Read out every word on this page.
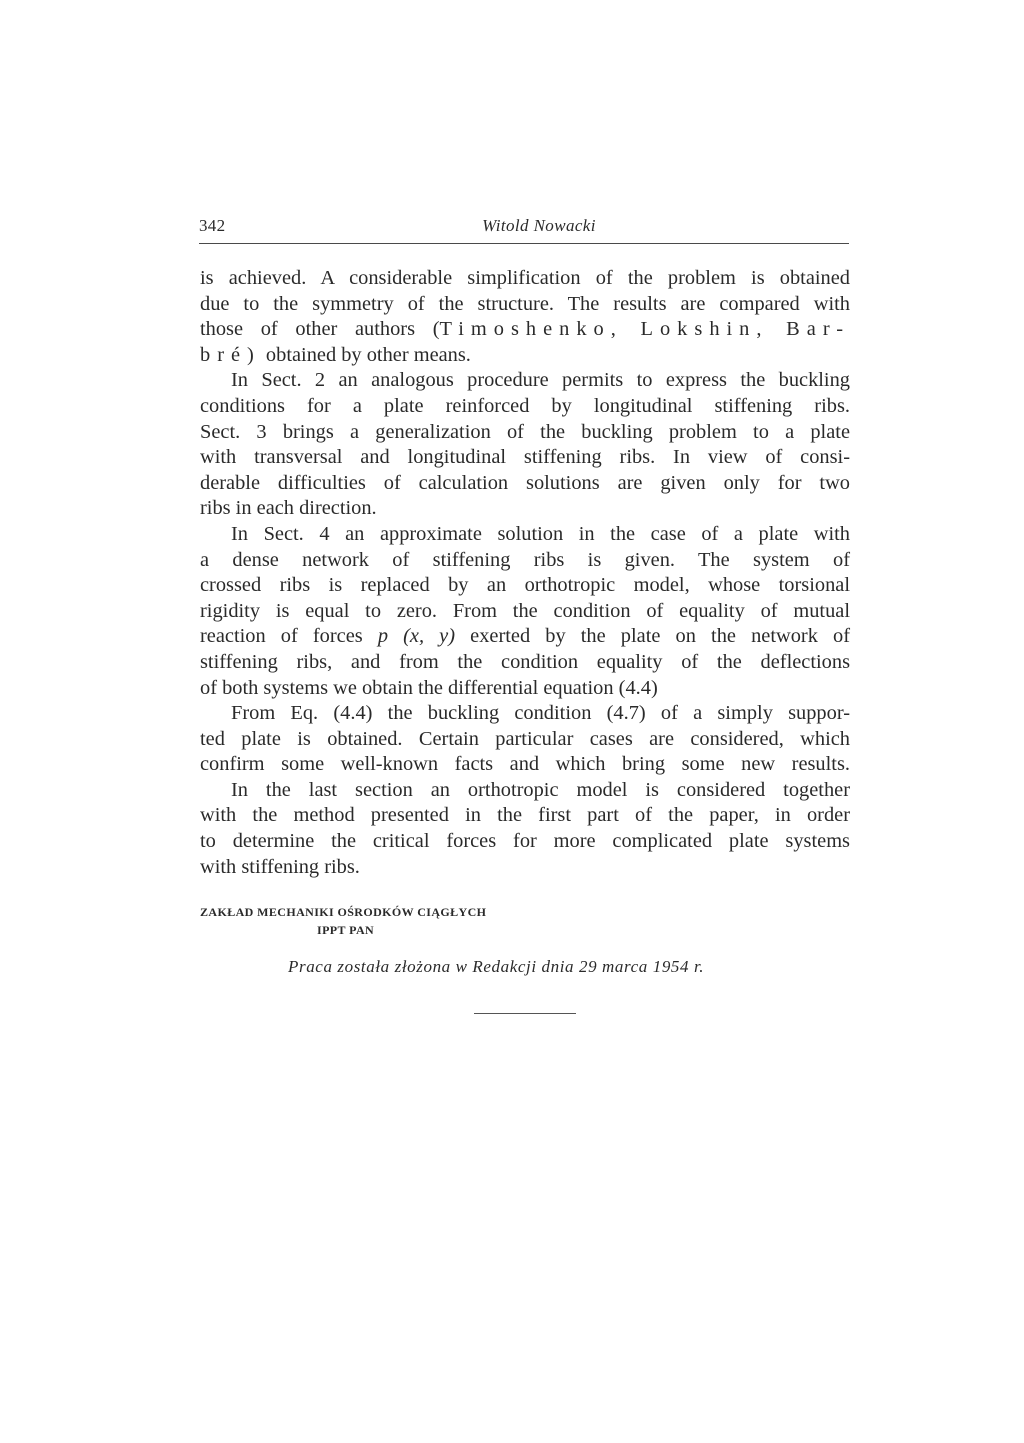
342	Witold Nowacki
is achieved. A considerable simplification of the problem is obtained
due to the symmetry of the structure. The results are compared with
those of other authors (Timoshenko, Lokshin, Bar-
bré) obtained by other means.
In Sect. 2 an analogous procedure permits to express the buckling
conditions for a plate reinforced by longitudinal stiffening ribs.
Sect. 3 brings a generalization of the buckling problem to a plate
with transversal and longitudinal stiffening ribs. In view of consi-
derable difficulties of calculation solutions are given only for two
ribs in each direction.
In Sect. 4 an approximate solution in the case of a plate with
a dense network of stiffening ribs is given. The system of
crossed ribs is replaced by an orthotropic model, whose torsional
rigidity is equal to zero. From the condition of equality of mutual
reaction of forces p (x, y) exerted by the plate on the network of
stiffening ribs, and from the condition equality of the deflections
of both systems we obtain the differential equation (4.4)
From Eq. (4.4) the buckling condition (4.7) of a simply suppor-
ted plate is obtained. Certain particular cases are considered, which
confirm some well-known facts and which bring some new results.
In the last section an orthotropic model is considered together
with the method presented in the first part of the paper, in order
to determine the critical forces for more complicated plate systems
with stiffening ribs.
ZAKŁAD MECHANIKI OŚRODKÓW CIĄGŁYCH
IPPT PAN
Praca została złożona w Redakcji dnia 29 marca 1954 r.
